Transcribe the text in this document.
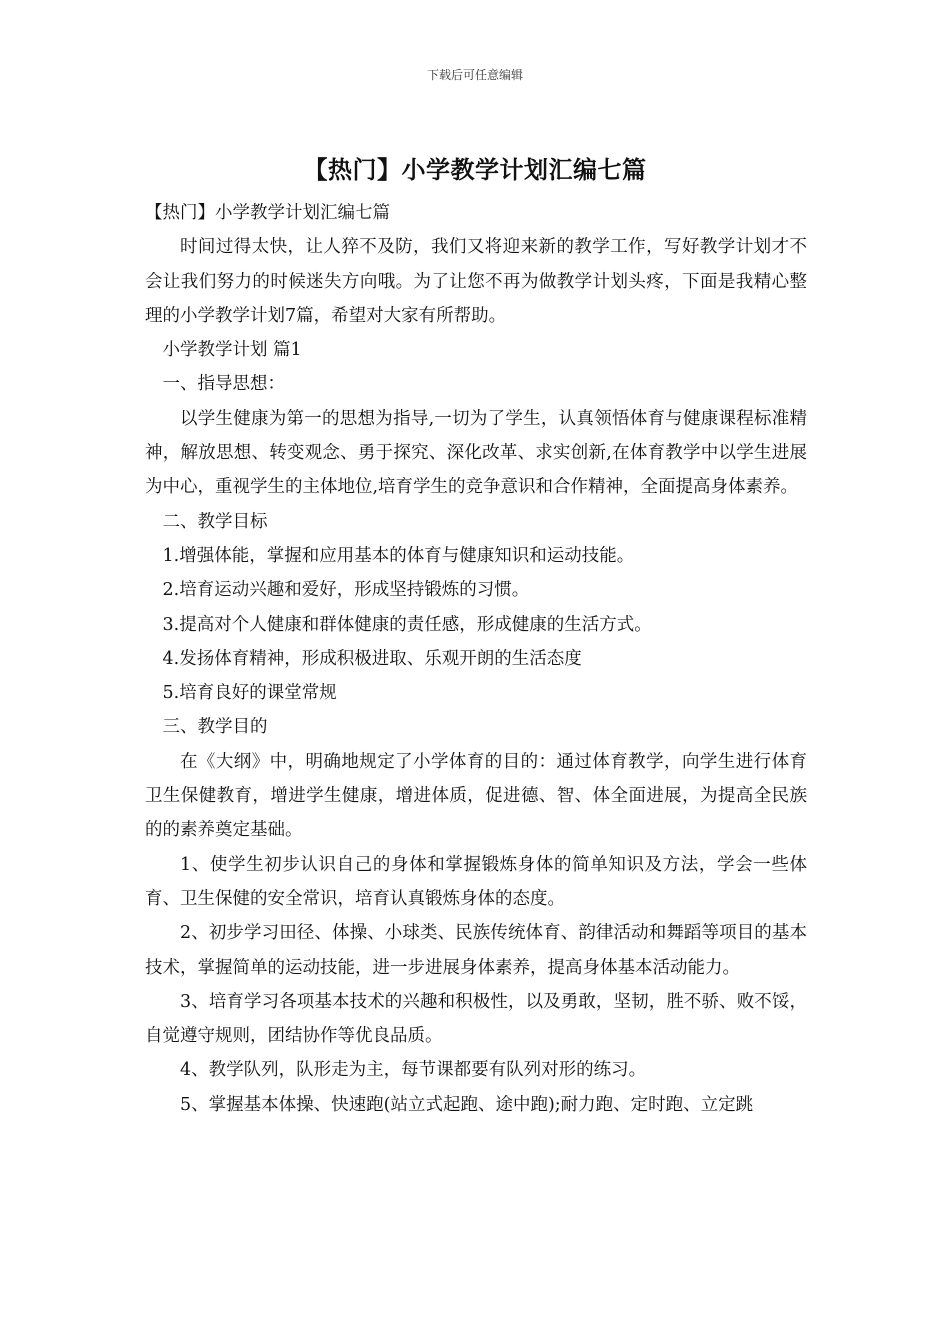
下载后可任意编辑
【热门】小学教学计划汇编七篇

【热门】小学教学计划汇编七篇

时间过得太快，让人猝不及防，我们又将迎来新的教学工作，写好教学计划才不会让我们努力的时候迷失方向哦。为了让您不再为做教学计划头疼，下面是我精心整理的小学教学计划7篇，希望对大家有所帮助。

小学教学计划 篇1

一、指导思想：

以学生健康为第一的思想为指导,一切为了学生，认真领悟体育与健康课程标准精神，解放思想、转变观念、勇于探究、深化改革、求实创新,在体育教学中以学生进展为中心，重视学生的主体地位,培育学生的竞争意识和合作精神，全面提高身体素养。

二、教学目标

1.增强体能，掌握和应用基本的体育与健康知识和运动技能。

2.培育运动兴趣和爱好，形成坚持锻炼的习惯。

3.提高对个人健康和群体健康的责任感，形成健康的生活方式。

4.发扬体育精神，形成积极进取、乐观开朗的生活态度

5.培育良好的课堂常规

三、教学目的

在《大纲》中，明确地规定了小学体育的目的：通过体育教学，向学生进行体育卫生保健教育，增进学生健康，增进体质，促进德、智、体全面进展，为提高全民族的的素养奠定基础。

1、使学生初步认识自己的身体和掌握锻炼身体的简单知识及方法，学会一些体育、卫生保健的安全常识，培育认真锻炼身体的态度。

2、初步学习田径、体操、小球类、民族传统体育、韵律活动和舞蹈等项目的基本技术，掌握简单的运动技能，进一步进展身体素养，提高身体基本活动能力。

3、培育学习各项基本技术的兴趣和积极性，以及勇敢，坚韧，胜不骄、败不馁，自觉遵守规则，团结协作等优良品质。

4、教学队列，队形走为主，每节课都要有队列对形的练习。

5、掌握基本体操、快速跑(站立式起跑、途中跑);耐力跑、定时跑、立定跳
